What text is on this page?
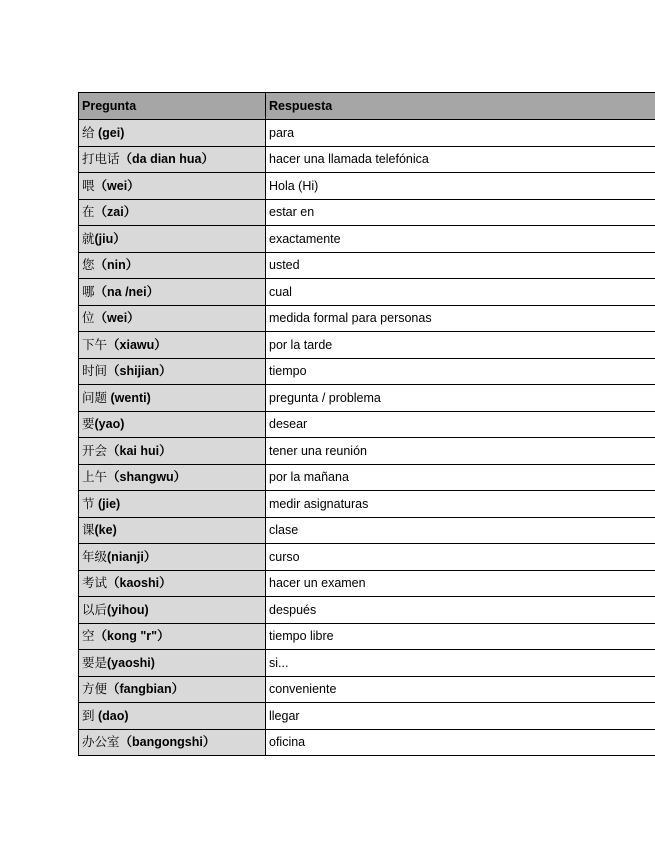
Pregunta	Respuesta
给 (gei)	para
打电话（da dian hua）	hacer una llamada telefónica
喂（wei）	Hola (Hi)
在（zai）	estar en
就(jiu）	exactamente
您（nin）	usted
哪（na /nei）	cual
位（wei）	medida formal para personas
下午（xiawu）	por la tarde
时间（shijian）	tiempo
问题 (wenti)	pregunta / problema
要(yao)	desear
开会（kai hui）	tener una reunión
上午（shangwu）	por la mañana
节 (jie)	medir asignaturas
课(ke)	clase
年级(nianji）	curso
考试（kaoshi）	hacer un examen
以后(yihou)	después
空（kong "r"）	tiempo libre
要是(yaoshi)	si...
方便（fangbian）	conveniente
到 (dao)	llegar
办公室（bangongshi）	oficina
